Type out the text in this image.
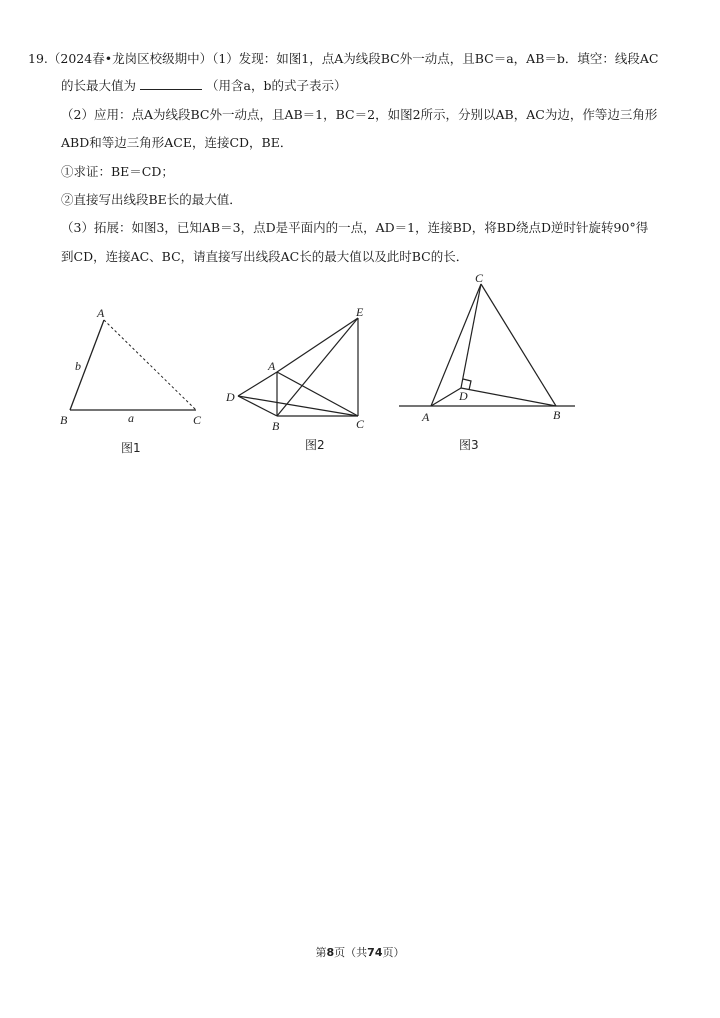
19.（2024春•龙岗区校级期中）（1）发现：如图1，点A为线段BC外一动点，且BC＝a，AB＝b．填空：线段AC
的长最大值为	（用含a，b的式子表示）
（2）应用：点A为线段BC外一动点，且AB＝1，BC＝2，如图2所示，分别以AB，AC为边，作等边三角形
ABD和等边三角形ACE，连接CD，BE．
①求证：BE＝CD；
②直接写出线段BE长的最大值．
（3）拓展：如图3，已知AB＝3，点D是平面内的一点，AD＝1，连接BD，将BD绕点D逆时针旋转90°得
到CD，连接AC、BC，请直接写出线段AC长的最大值以及此时BC的长．
A
B	C
b
a
图1
A
B	C
D
E
图2
C
A	B
D
图3
第8页（共74页）
